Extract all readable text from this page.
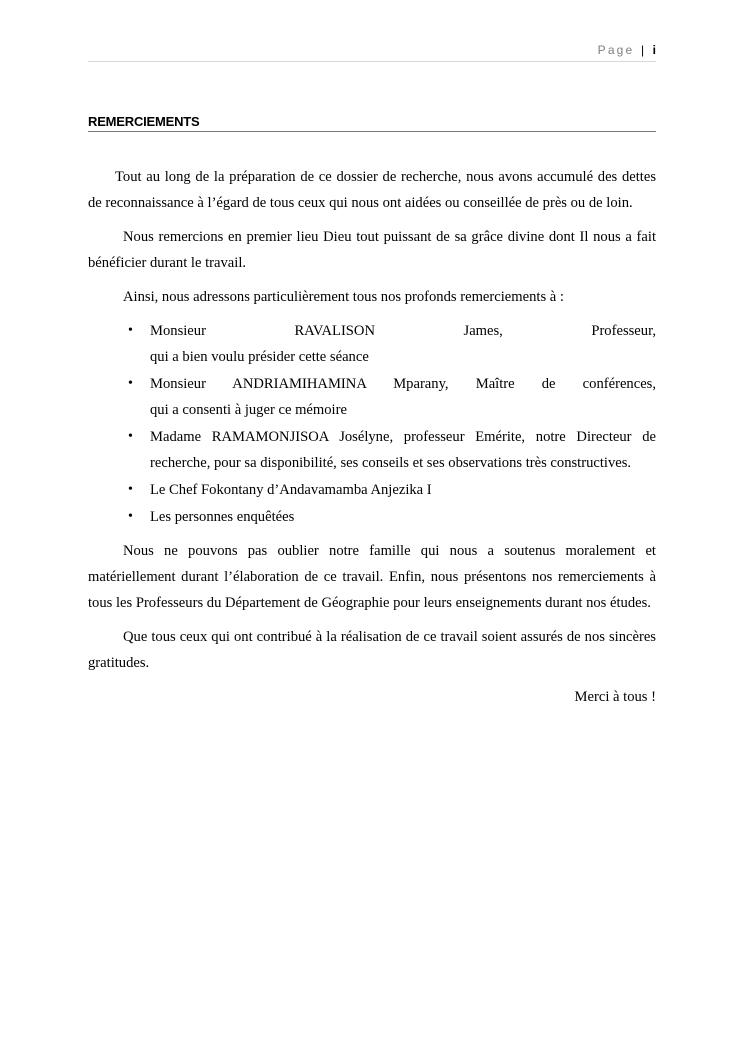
Page | i
REMERCIEMENTS

Tout au long de la préparation de ce dossier de recherche, nous avons accumulé des dettes de reconnaissance à l’égard de tous ceux qui nous ont aidées ou conseillée de près ou de loin.

Nous remercions en premier lieu Dieu tout puissant de sa grâce divine dont Il nous a fait bénéficier durant le travail.

Ainsi, nous adressons particulièrement tous nos profonds remerciements à :

• Monsieur RAVALISON James, Professeur,
qui a bien voulu présider cette séance
• Monsieur ANDRIAMIHAMINA Mparany, Maître de conférences,
qui a consenti à juger ce mémoire
• Madame RAMAMONJISOA Josélyne, professeur Emérite, notre Directeur de
recherche, pour sa disponibilité, ses conseils et ses observations très constructives.
• Le Chef Fokontany d’Andavamamba Anjezika I
• Les personnes enquêtées

Nous ne pouvons pas oublier notre famille qui nous a soutenus moralement et matériellement durant l’élaboration de ce travail. Enfin, nous présentons nos remerciements à tous les Professeurs du Département de Géographie pour leurs enseignements durant nos études.

Que tous ceux qui ont contribué à la réalisation de ce travail soient assurés de nos sincères gratitudes.

Merci à tous !
